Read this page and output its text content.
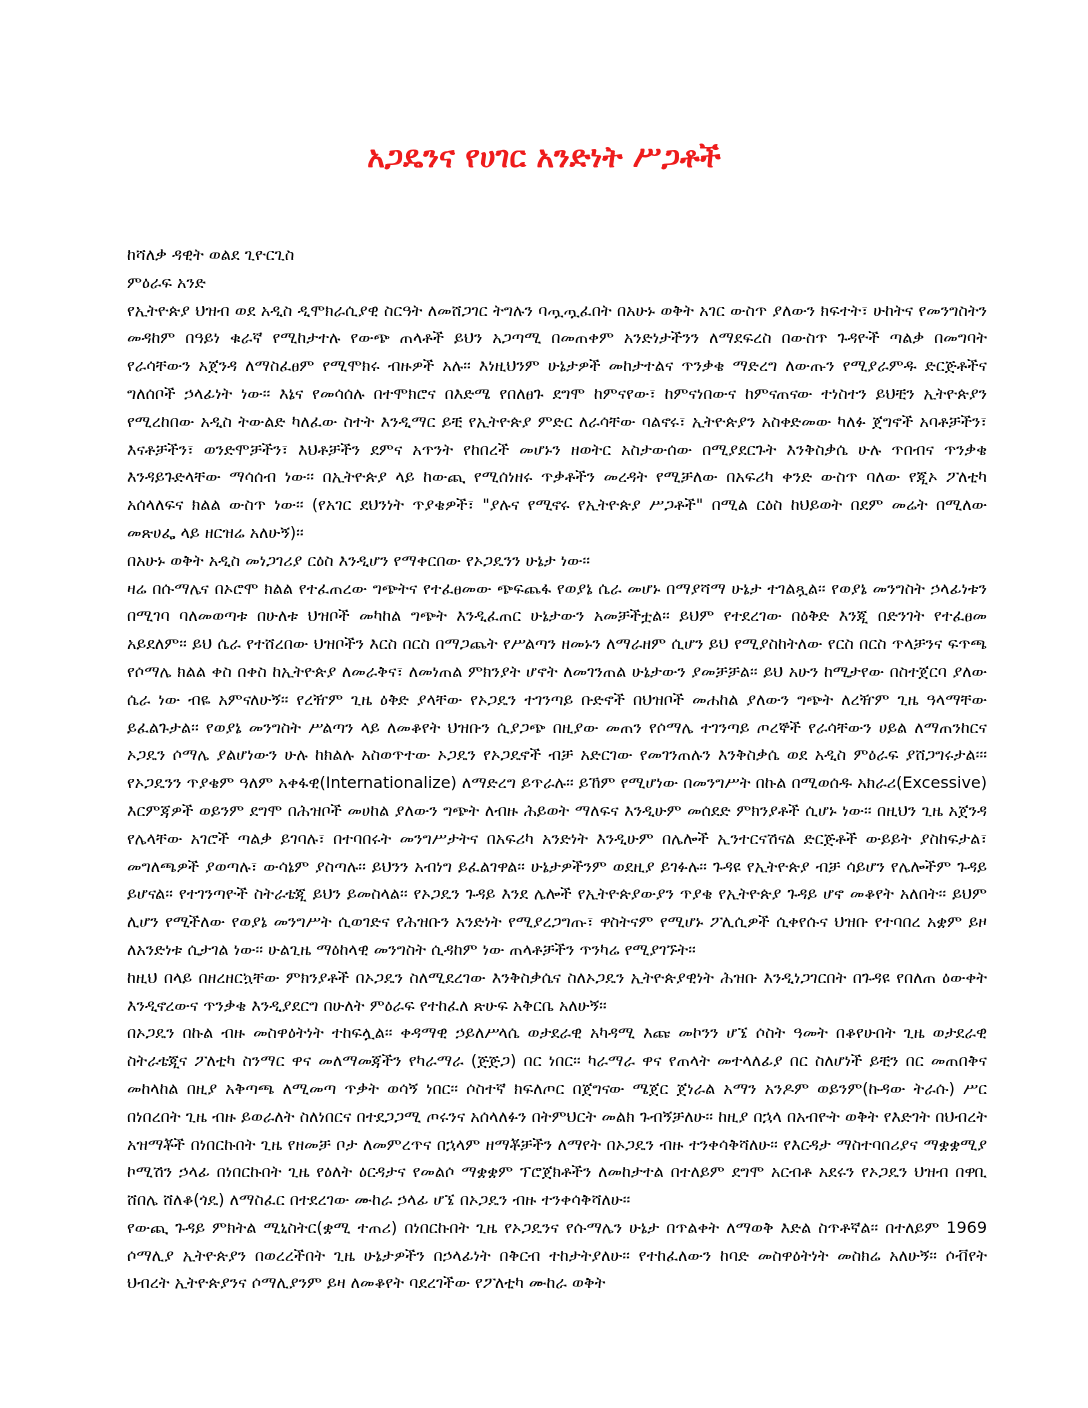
አጋዴንና የሀገር አንድነት ሥጋቶች

ከሻለቃ ዳዊት ወልደ ጊዮርጊስ

ምዕራፍ አንድ

የኢትዮጵያ ህዝብ ወደ አዲስ ዲሞክራሲያዊ ስርዓት ለመሸጋገር ትግሉን ባጧጧፈበት በአሁኑ ወቅት አገር ውስጥ ያለውን ክፍተት፣ ሁከትና የመንግስትን መዳከም በዓይነ ቁራኛ የሚከታተሉ የውጭ ጠላቶች ይህን አጋጣሚ በመጠቀም አንድነታችንን ለማደፍረስ በውስጥ ጉዳዮች ጣልቃ በመግባት የራሳቸውን አጀንዳ ለማስፈፀም የሚሞክሩ ብዙዎች አሉ፡፡ እነዚህንም ሁኔታዎች መከታተልና ጥንቃቄ ማድረግ ለውጡን የሚያራምዱ ድርጅቶችና ግለሰቦች ኃላፊነት ነው፡፡ እኔና የመሳሰሉ በተሞክሮና በእድሜ የበለፀጉ ደግሞ ከምናየው፣ ከምናነበውና ከምናጠናው ተነስተን ይህቺን ኢትዮጵያን የሚረከበው አዲስ ትውልድ ካለፈው ስተት እንዲማር ይቺ የኢትዮጵያ ምድር ለራሳቸው ባልኖሩ፣ ኢትዮጵያን አስቀድመው ካለፉ ጀግኖች አባቶቻችን፣ እናቶቻችን፣ ወንድሞቻችን፣ እህቶቻችን ደምና አጥንት የከበረች መሆኑን ዘወትር አስታውሰው በሚያደርጉት እንቅስቃሴ ሁሉ ጥበብና ጥንቃቄ እንዳይጉድላቸው ማሳሰብ ነው፡፡ በኢትዮጵያ ላይ ከውጪ የሚሰነዘሩ ጥቃቶችን መረዳት የሚቻለው በአፍሪካ ቀንድ ውስጥ ባለው የጂኦ ፖለቲካ አሰላለፍና ክልል ውስጥ ነው፡፡ (የአገር ደህንነት ጥያቄዎች፣ "ያሉና የሚኖሩ የኢትዮጵያ ሥጋቶች" በሚል ርዕስ ከህይወት በደም መሬት በሚለው መጽሀፌ ላይ ዘርዝሬ አለሁኝ)፡፡

በአሁኑ ወቅት አዲስ መነጋገሪያ ርዕስ እንዲሆን የማቀርበው የኦጋዴንን ሁኔታ ነው፡፡

ዛሬ በሱማሌና በኦሮሞ ክልል የተፈጠረው ግጭትና የተፈፀመው ጭፍጨፋ የወያኔ ሴራ መሆኑ በማያሻማ ሁኔታ ተገልጿል፡፡ የወያኔ መንግስት ኃላፊነቱን በሚገባ ባለመወጣቱ በሁለቱ ህዝቦች መካከል ግጭት እንዲፈጠር ሁኔታውን አመቻችቷል፡፡ ይህም የተደረገው በዕቅድ እንጂ በድንገት የተፈፀመ አይደለም፡፡ ይህ ሴራ የተሸረበው ህዝቦችን እርስ በርስ በማጋጨት የሥልጣን ዘመኑን ለማራዘም ሲሆን ይህ የሚያስከትለው የርስ በርስ ጥላቻንና ፍጥጫ የሶማሌ ክልል ቀስ በቀስ ከኢትዮጵያ ለመራቅና፣ ለመነጠል ምክንያት ሆኖት ለመገንጠል ሁኔታውን ያመቻቻል፡፡ ይህ አሁን ከሚታየው በስተጀርባ ያለው ሴራ ነው ብዬ አምናለሁኝ፡፡ የረዥም ጊዜ ዕቅድ ያላቸው የኦጋዴን ተገንጣይ ቡድኖች በህዝቦች መሐከል ያለውን ግጭት ለረዥም ጊዜ ዓላማቸው ይፈልጉታል፡፡ የወያኔ መንግስት ሥልጣን ላይ ለመቆየት ህዝቡን ሲያጋጭ በዚያው መጠን የሶማሌ ተገንጣይ ጦረኞች የራሳቸውን ሀይል ለማጠንከርና ኦጋዴን ሶማሌ ያልሆነውን ሁሉ ከክልሉ አስወጥተው ኦጋዴን የኦጋዴኖች ብቻ አድርገው የመገንጠሉን እንቅስቃሴ ወደ አዲስ ምዕራፍ ያሸጋግሩታል፡፡፡ የኦጋዴንን ጥያቄም ዓለም አቀፋዊ(Internationalize) ለማድረግ ይጥራሉ፡፡ ይኸም የሚሆነው በመንግሥት በኩል በሚወሰዱ አክራሪ(Excessive) እርምጃዎች ወይንም ደግሞ በሕዝቦች መሀከል ያለውን ግጭት ለብዙ ሕይወት ማለፍና እንዲሁም መሰደድ ምክንያቶች ሲሆኑ ነው፡፡ በዚህን ጊዜ አጀንዳ የሌላቸው አገሮች ጣልቃ ይገባሉ፣ በተባበሩት መንግሥታትና በአፍሪካ አንድነት እንዲሁም በሌሎች ኢንተርናሽናል ድርጅቶች ውይይት ያስከፍታል፣ መግለጫዎች ያወጣሉ፣ ውሳኔም ያስጣሉ፡፡ ይህንን አብነግ ይፈልገዋል፡፡ ሁኔታዎችንም ወደዚያ ይገፉሉ፡፡ ጉዳዩ የኢትዮጵያ ብቻ ሳይሆን የሌሎችም ጉዳይ ይሆናል፡፡ የተገንጣዮች ስትራቴጂ ይህን ይመስላል፡፡ የኦጋዴን ጉዳይ እንደ ሌሎች የኢትዮጵያውያን ጥያቄ የኢትዮጵያ ጉዳይ ሆኖ መቆየት አለበት፡፡ ይህም ሊሆን የሚችለው የወያኔ መንግሥት ሲወገድና የሕዝቡን አንድነት የሚያረጋግጡ፣ ዋስትናም የሚሆኑ ፖሊሲዎች ሲቀየሱና ህዝቡ የተባበረ አቋም ይዞ ለአንድነቱ ሲታገል ነው፡፡ ሁልጊዜ ማዕከላዊ መንግስት ሲዳከም ነው ጠላቶቻችን ጥንካሬ የሚያገኙት፡፡

ከዚህ በላይ በዘረዘርኳቸው ምክንያቶች በኦጋዴን ስለሚደረገው እንቅስቃሴና ስለኦጋዴን ኢትዮጵያዊነት ሕዝቡ እንዲነጋገርበት በጉዳዩ የበለጠ ዕውቀት እንዲኖረውና ጥንቃቄ እንዲያደርግ በሁለት ምዕራፍ የተከፈለ ጽሁፍ አቅርቤ አለሁኝ፡፡

በኦጋዴን በኩል ብዙ መስዋዕትነት ተከፍሏል፡፡ ቀዳማዊ ኃይለሥላሴ ወታደራዊ አካዳሚ እጩ መኮንን ሆኜ ሶስት ዓመት በቆየሁበት ጊዜ ወታደራዊ ስትራቴጂና ፖለቲካ ስንማር ዋና መለማመጃችን የካራማራ (ጅጅጋ) በር ነበር፡፡ ካራማራ ዋና የጠላት መተላለፊያ በር ስለሆነች ይቺን በር መጠበቅና መከላከል በዚያ አቅጣጫ ለሚመጣ ጥቃት ወሳኝ ነበር፡፡ ሶስተኛ ክፍለጦር በጀግናው ሜጀር ጀነራል አማን አንዶም ወይንም(ኩዳው ትራሱ) ሥር በነበረበት ጊዜ ብዙ ይወራለት ስለነበርና በተደጋጋሚ ጦሩንና አሰላለፉን በትምህርት መልክ ጉብኝቻለሁ፡፡ ከዚያ በኋላ በአብዮት ወቅት የእድገት በህብረት አዝማቾች በነበርኩበት ጊዜ የዘመቻ ቦታ ለመምረጥና በኋላም ዘማቾቻችን ለማየት በኦጋዴን ብዙ ተንቀሳቅሻለሁ፡፡ የእርዳታ ማስተባበሪያና ማቋቋሚያ ኮሚሽን ኃላፊ በነበርኩበት ጊዜ የዕለት ዕርዳታና የመልሶ ማቋቋም ፕሮጀክቶችን ለመከታተል በተለይም ደግሞ አርብቶ አደሩን የኦጋዴን ህዝብ በዋቢ ሸበሌ ሸለቆ(ጎዴ) ለማስፈር በተደረገው ሙከራ ኃላፊ ሆኜ በኦጋዴን ብዙ ተንቀሳቅሻለሁ፡፡

የውጪ ጉዳይ ምክትል ሚኒስትር(ቋሚ ተጠሪ) በነበርኩበት ጊዜ የኦጋዴንና የሱማሌን ሁኔታ በጥልቀት ለማወቅ እድል ስጥቶኛል፡፡ በተለይም 1969 ሶማሊያ ኢትዮጵያን በወረረችበት ጊዜ ሁኔታዎችን በኃላፊነት በቅርብ ተከታትያለሁ፡፡ የተከፈለውን ከባድ መስዋዕትነት መስክሬ አለሁኝ፡፡ ሶቭየት ህብረት ኢትዮጵያንና ሶማሊያንም ይዛ ለመቆየት ባደረገችው የፖለቲካ ሙከራ ወቅት
